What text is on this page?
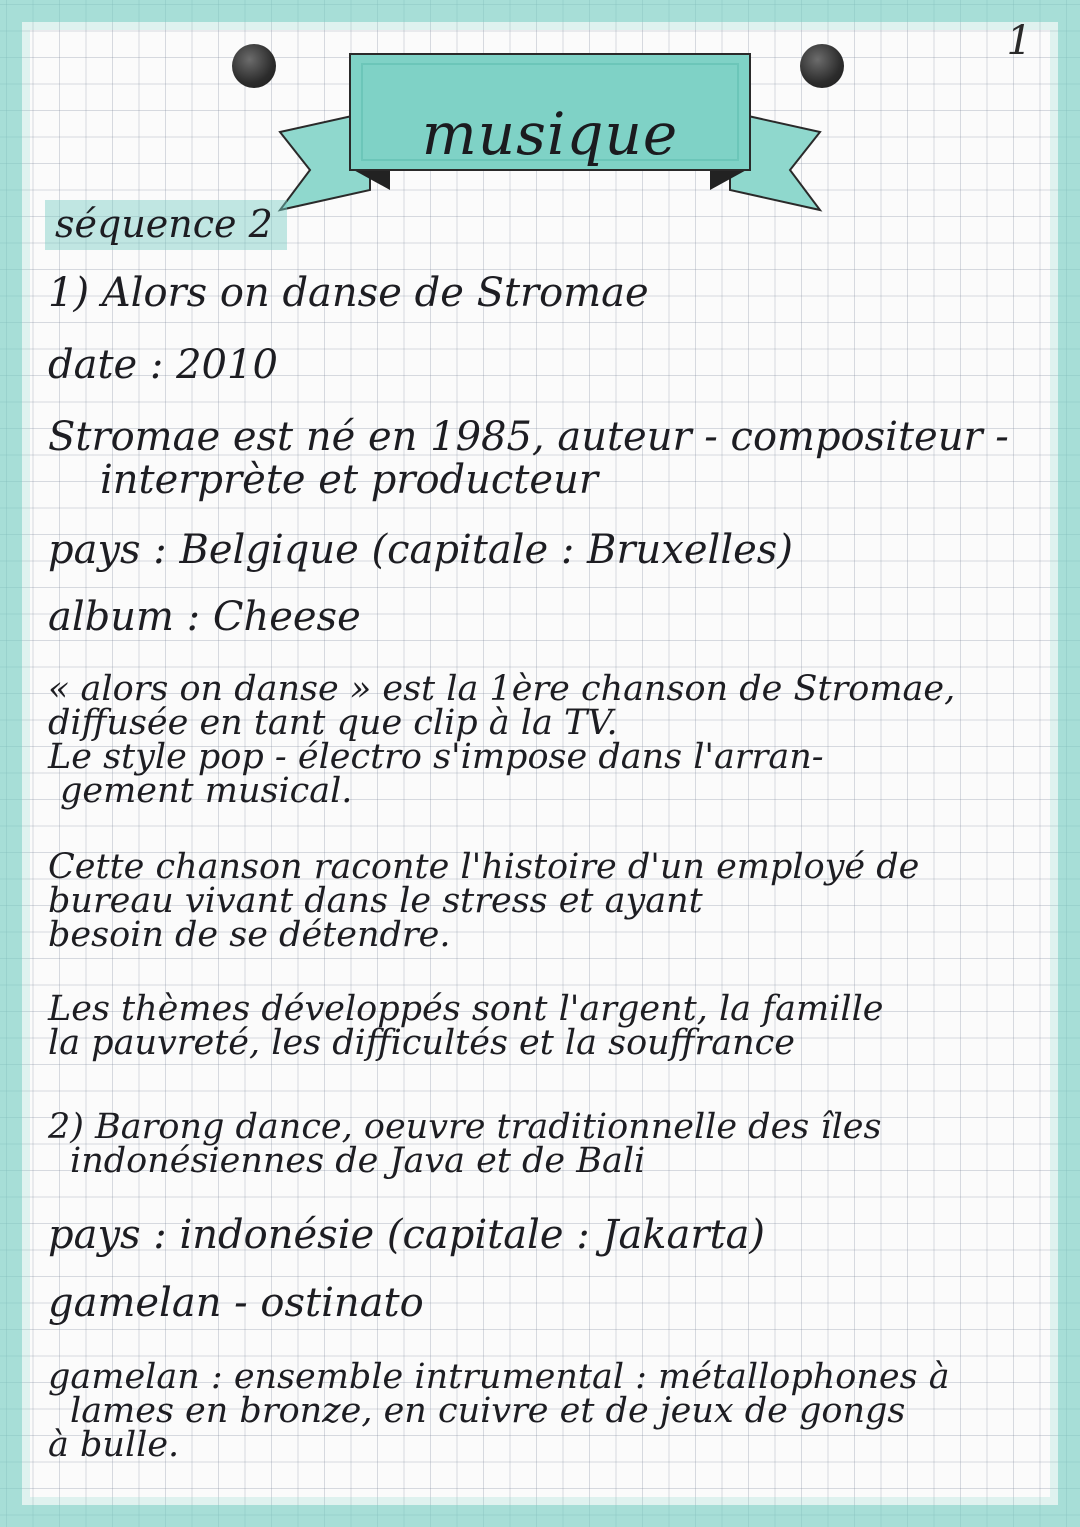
1
musique
séquence 2
1) Alors on danse de Stromae
date : 2010
Stromae est né en 1985, auteur - compositeur -
interprète et producteur
pays : Belgique (capitale : Bruxelles)
album : Cheese
« alors on danse » est la 1ère chanson de Stromae,
diffusée en tant que clip à la TV.
Le style pop - électro s'impose dans l'arran-
gement musical.
Cette chanson raconte l'histoire d'un employé de
bureau vivant dans le stress et ayant
besoin de se détendre.
Les thèmes développés sont l'argent, la famille
la pauvreté, les difficultés et la souffrance
2) Barong dance, oeuvre traditionnelle des îles
indonésiennes de Java et de Bali
pays : indonésie (capitale : Jakarta)
gamelan - ostinato
gamelan : ensemble intrumental : métallophones à
lames en bronze, en cuivre et de jeux de gongs
à bulle.
